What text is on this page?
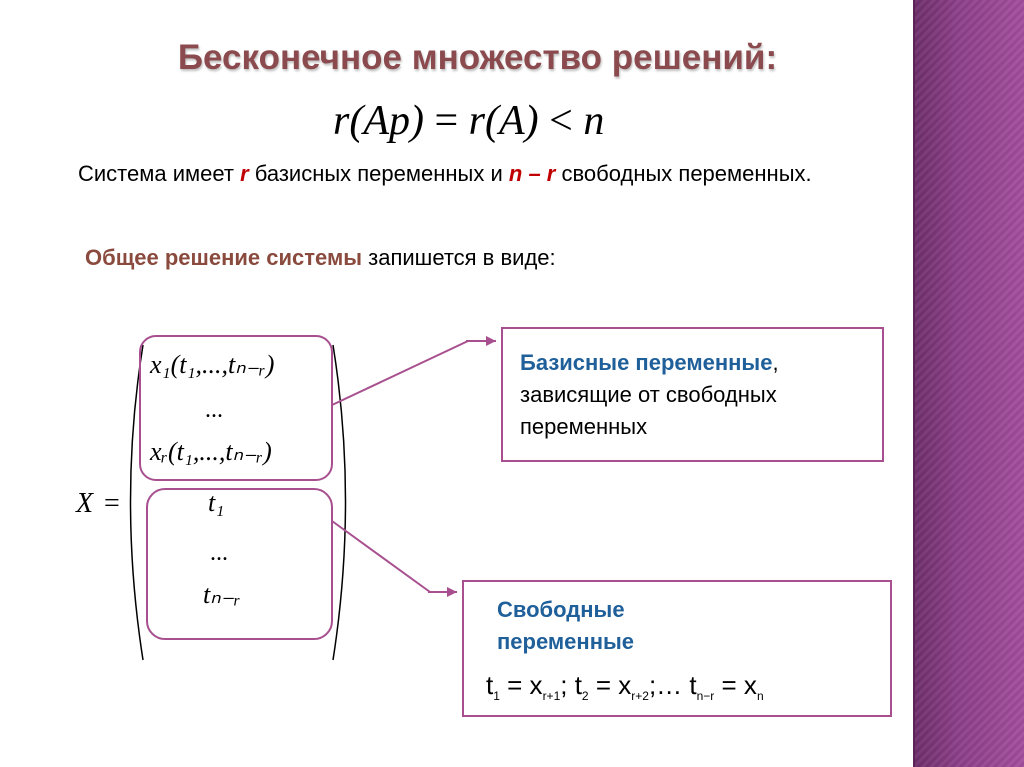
Бесконечное множество решений:
r(Ap) = r(A) < n
Система имеет r базисных переменных и n – r свободных переменных.
Общее решение системы запишется в виде:
X =
x₁(t₁,...,tₙ₋ᵣ)
...
xᵣ(t₁,...,tₙ₋ᵣ)
t₁
...
tₙ₋ᵣ
Базисные переменные, зависящие от свободных переменных
Свободные переменные
$t_1 = x_{r+1}$; $t_2$ = $x_{r+2};\dots$ $t_{n-r} = x_n$
